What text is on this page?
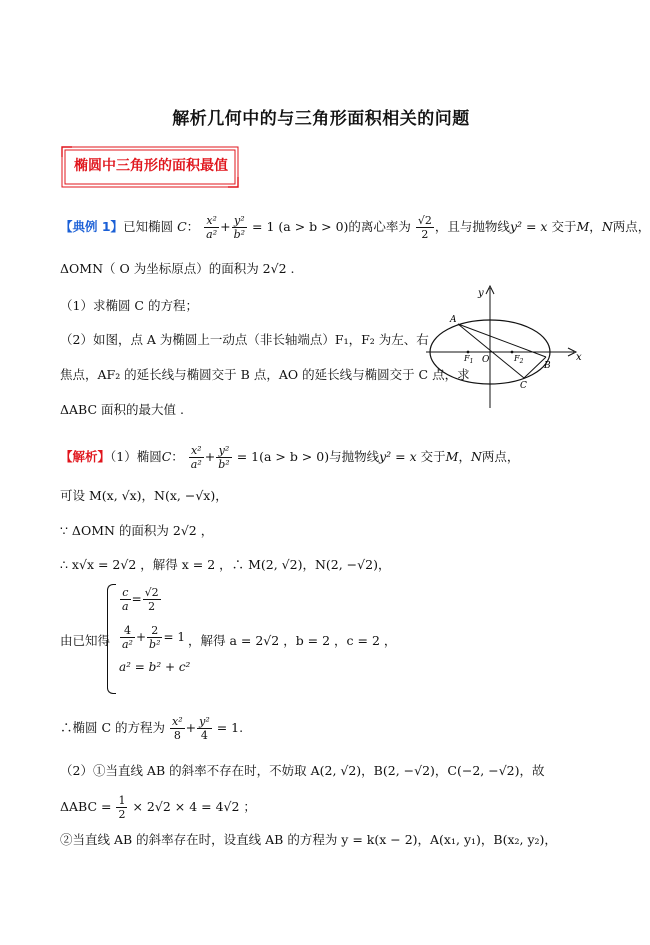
解析几何中的与三角形面积相关的问题
椭圆中三角形的面积最值
【典例 1】已知椭圆 C： $\frac{\text{x²}}{\text{a²}} + \frac{\text{y²}}{\text{b²}} = 1$ (a > b > 0)的离心率为 $\frac{√2}{2}$ ，且与抛物线y² = x 交于M，N两点，
ΔOMN（ O 为坐标原点）的面积为 2√2 .
（1）求椭圆 C 的方程；
（2）如图，点 A 为椭圆上一动点（非长轴端点）F₁，F₂ 为左、右
焦点，AF₂ 的延长线与椭圆交于 B 点，AO 的延长线与椭圆交于 C 点，求
ΔABC 面积的最大值 .
y
x
A
B
C
O
$F_1$	$F_2$
【解析】（1）椭圆C： $\frac{\text{x²}}{\text{a²}} + \frac{\text{y²}}{\text{b²}} = 1(a > b > 0)$与抛物线y² = x 交于M，N两点，
可设 M(x, √x)，N(x, −√x)，
∵ ΔOMN 的面积为 2√2 ，
∴ x√x = 2√2 ，解得 x = 2 ，∴ M(2, √2)，N(2, −√2)，
由已知得
$\frac{c}{a} = \frac{√2}{2}$
$\frac{4}{\text{a²}} + \frac{2}{\text{b²}} = 1$
a² = b² + c²
，解得 a = 2√2 ，b = 2 ，c = 2 ，
∴椭圆 C 的方程为 $\frac{\text{x²}}{8} + \frac{\text{y²}}{4} = 1$.
（2）①当直线 AB 的斜率不存在时，不妨取 A(2, √2)，B(2, −√2)，C(−2, −√2)，故
$\Delta ABC = \frac{1}{2} \times 2√2 \times 4 = 4√2$ ；
②当直线 AB 的斜率存在时，设直线 AB 的方程为 y = k(x − 2)，A(x₁, y₁)，B(x₂, y₂)，
